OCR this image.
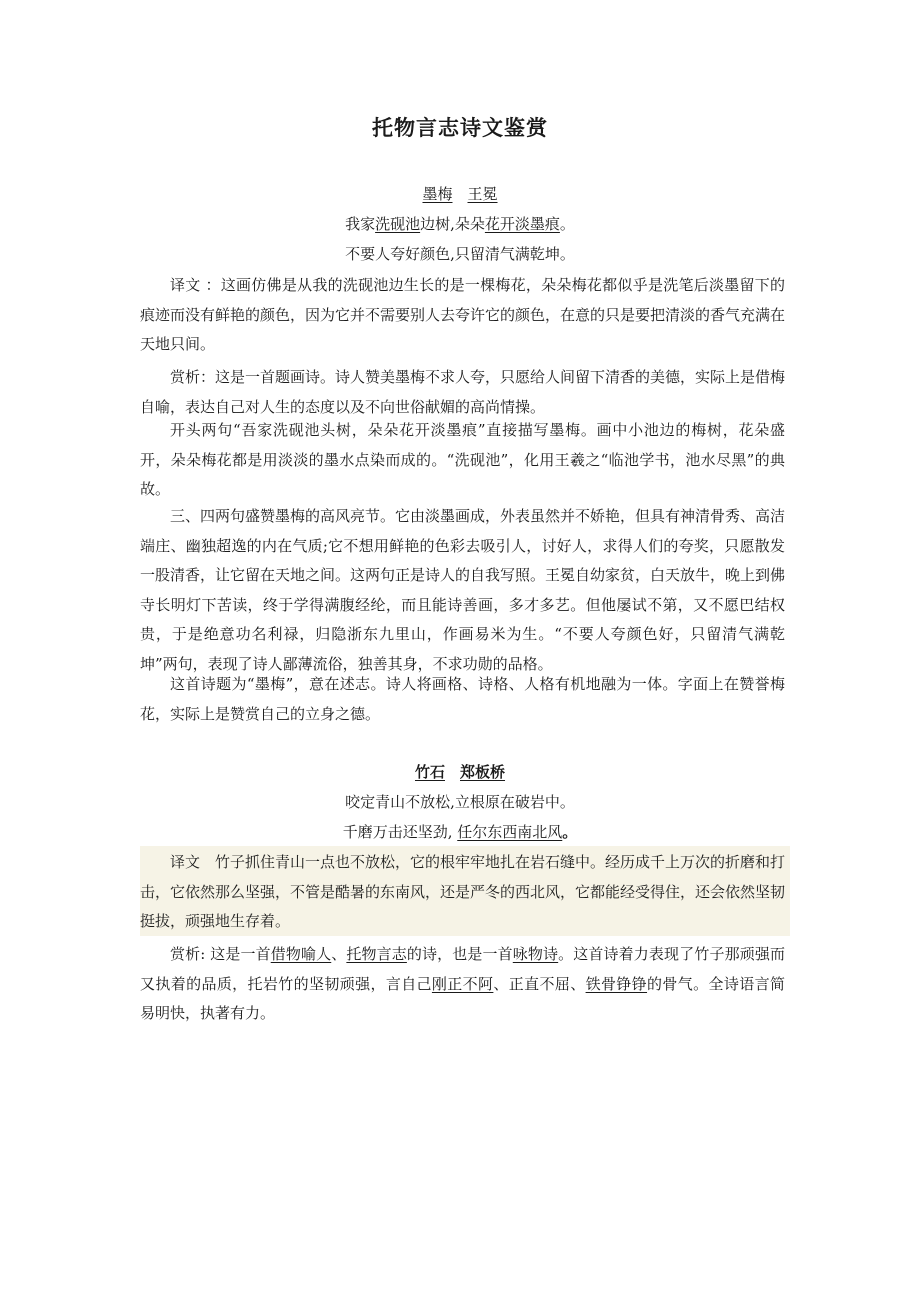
托物言志诗文鉴赏
墨梅  王冕
我家洗砚池边树,朵朵花开淡墨痕。
不要人夸好颜色,只留清气满乾坤。

译文 ：这画仿佛是从我的洗砚池边生长的是一棵梅花，朵朵梅花都似乎是洗笔后淡墨留下的痕迹而没有鲜艳的颜色，因为它并不需要别人去夸许它的颜色，在意的只是要把清淡的香气充满在天地只间。

赏析：这是一首题画诗。诗人赞美墨梅不求人夸，只愿给人间留下清香的美德，实际上是借梅自喻，表达自己对人生的态度以及不向世俗献媚的高尚情操。

开头两句“吾家洗砚池头树，朵朵花开淡墨痕”直接描写墨梅。画中小池边的梅树，花朵盛开，朵朵梅花都是用淡淡的墨水点染而成的。“洗砚池”，化用王羲之“临池学书，池水尽黑”的典故。

三、四两句盛赞墨梅的高风亮节。它由淡墨画成，外表虽然并不娇艳，但具有神清骨秀、高洁端庄、幽独超逸的内在气质;它不想用鲜艳的色彩去吸引人，讨好人，求得人们的夸奖，只愿散发一股清香，让它留在天地之间。这两句正是诗人的自我写照。王冕自幼家贫，白天放牛，晚上到佛寺长明灯下苦读，终于学得满腹经纶，而且能诗善画，多才多艺。但他屡试不第，又不愿巴结权贵，于是绝意功名利禄，归隐浙东九里山，作画易米为生。“不要人夸颜色好，只留清气满乾坤”两句，表现了诗人鄙薄流俗，独善其身，不求功勋的品格。

这首诗题为“墨梅”，意在述志。诗人将画格、诗格、人格有机地融为一体。字面上在赞誉梅花，实际上是赞赏自己的立身之德。

竹石  郑板桥
咬定青山不放松,立根原在破岩中。
千磨万击还坚劲, 任尔东西南北风。

译文　竹子抓住青山一点也不放松，它的根牢牢地扎在岩石缝中。经历成千上万次的折磨和打击，它依然那么坚强，不管是酷暑的东南风，还是严冬的西北风，它都能经受得住，还会依然坚韧挺拔，顽强地生存着。

赏析: 这是一首借物喻人、托物言志的诗，也是一首咏物诗。这首诗着力表现了竹子那顽强而又执着的品质，托岩竹的坚韧顽强，言自己刚正不阿、正直不屈、铁骨铮铮的骨气。全诗语言简易明快，执著有力。
